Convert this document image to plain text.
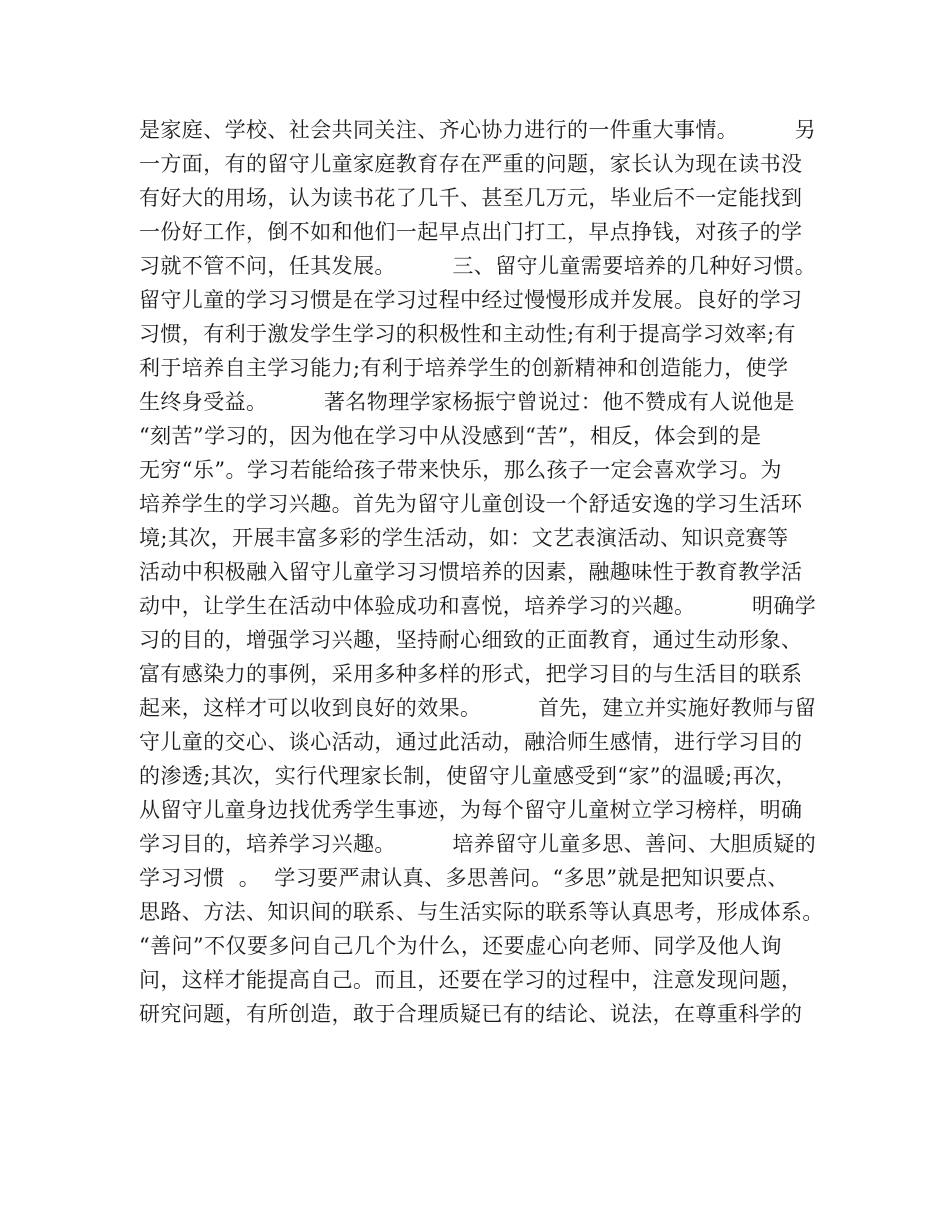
是家庭、学校、社会共同关注、齐心协力进行的一件重大事情。        另
一方面，有的留守儿童家庭教育存在严重的问题，家长认为现在读书没
有好大的用场，认为读书花了几千、甚至几万元，毕业后不一定能找到
一份好工作，倒不如和他们一起早点出门打工，早点挣钱，对孩子的学
习就不管不问，任其发展。        三、留守儿童需要培养的几种好习惯。
留守儿童的学习习惯是在学习过程中经过慢慢形成并发展。良好的学习
习惯，有利于激发学生学习的积极性和主动性;有利于提高学习效率;有
利于培养自主学习能力;有利于培养学生的创新精神和创造能力，使学
生终身受益。        著名物理学家杨振宁曾说过：他不赞成有人说他是
“刻苦”学习的，因为他在学习中从没感到“苦”，相反，体会到的是
无穷“乐”。学习若能给孩子带来快乐，那么孩子一定会喜欢学习。为
培养学生的学习兴趣。首先为留守儿童创设一个舒适安逸的学习生活环
境;其次，开展丰富多彩的学生活动，如：文艺表演活动、知识竞赛等
活动中积极融入留守儿童学习习惯培养的因素，融趣味性于教育教学活
动中，让学生在活动中体验成功和喜悦，培养学习的兴趣。        明确学
习的目的，增强学习兴趣，坚持耐心细致的正面教育，通过生动形象、
富有感染力的事例，采用多种多样的形式，把学习目的与生活目的联系
起来，这样才可以收到良好的效果。        首先，建立并实施好教师与留
守儿童的交心、谈心活动，通过此活动，融洽师生感情，进行学习目的
的渗透;其次，实行代理家长制，使留守儿童感受到“家”的温暖;再次，
从留守儿童身边找优秀学生事迹，为每个留守儿童树立学习榜样，明确
学习目的，培养学习兴趣。        培养留守儿童多思、善问、大胆质疑的
学习习惯  。  学习要严肃认真、多思善问。“多思”就是把知识要点、
思路、方法、知识间的联系、与生活实际的联系等认真思考，形成体系。
“善问”不仅要多问自己几个为什么，还要虚心向老师、同学及他人询
问，这样才能提高自己。而且，还要在学习的过程中，注意发现问题，
研究问题，有所创造，敢于合理质疑已有的结论、说法，在尊重科学的
